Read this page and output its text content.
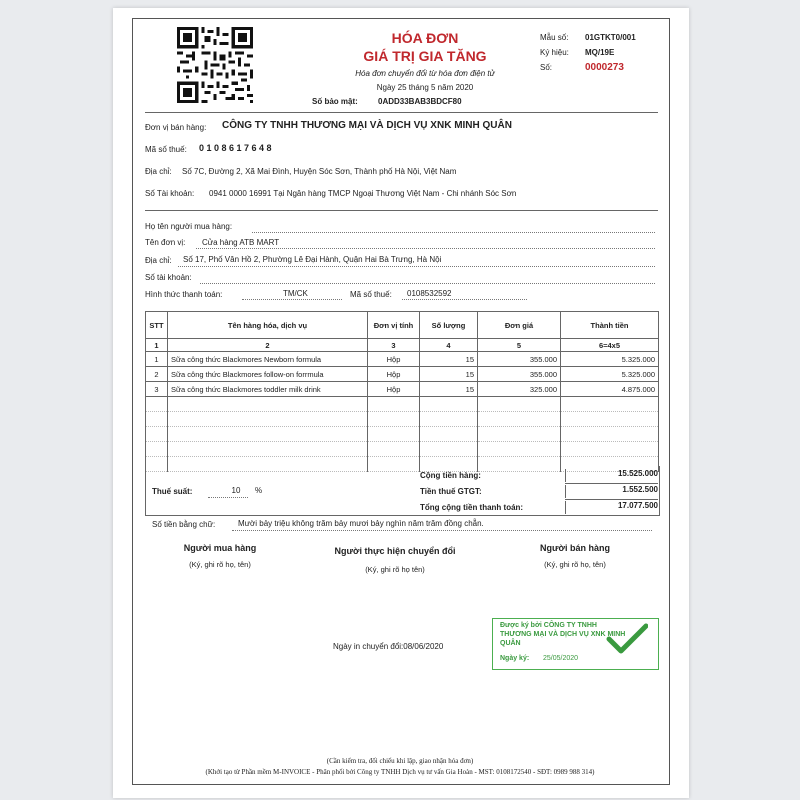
HÓA ĐƠN
GIÁ TRỊ GIA TĂNG
Hóa đơn chuyển đổi từ hóa đơn điện tử
Ngày 25 tháng 5 năm 2020
Số bảo mật:	0ADD33BAB3BDCF80
Mẫu số: 01GTKT0/001
Ký hiệu: MQ/19E
Số:	0000273
Đơn vị bán hàng: CÔNG TY TNHH THƯƠNG MẠI VÀ DỊCH VỤ XNK MINH QUÂN
Mã số thuế: 0 1 0 8 6 1 7 6 4 8
Địa chỉ: Số 7C, Đường 2, Xã Mai Đình, Huyện Sóc Sơn, Thành phố Hà Nội, Việt Nam
Số Tài khoản: 0941 0000 16991 Tại Ngân hàng TMCP Ngoại Thương Việt Nam - Chi nhánh Sóc Sơn
Họ tên người mua hàng:
Tên đơn vị: Cửa hàng ATB MART
Địa chỉ: Số 17, Phố Vân Hồ 2, Phường Lê Đại Hành, Quận Hai Bà Trưng, Hà Nội
Số tài khoản:
Hình thức thanh toán:	TM/CK	Mã số thuế: 0108532592
STT	Tên hàng hóa, dịch vụ	Đơn vị tính	Số lượng	Đơn giá	Thành tiền
1	2	3	4	5	6=4x5
1	Sữa công thức Blackmores Newborn formula	Hộp	15	355.000	5.325.000
2	Sữa công thức Blackmores follow-on forrmula	Hộp	15	355.000	5.325.000
3	Sữa công thức Blackmores toddler milk drink	Hộp	15	325.000	4.875.000

Cộng tiền hàng:	15.525.000
Tiền thuế GTGT:	1.552.500
Tổng cộng tiền thanh toán:	17.077.500
Thuế suất:	10	%
Số tiền bằng chữ:	Mười bảy triệu không trăm bảy mươi bảy nghìn năm trăm đồng chẵn.
Người mua hàng
(Ký, ghi rõ họ, tên)
Người thực hiện chuyển đổi
(Ký, ghi rõ họ tên)
Người bán hàng
(Ký, ghi rõ họ, tên)
Ngày in chuyển đổi:08/06/2020
Được ký bởi CÔNG TY TNHH
THƯƠNG MẠI VÀ DỊCH VỤ XNK MINH
QUÂN
Ngày ký: 25/05/2020
(Cần kiểm tra, đối chiếu khi lập, giao nhận hóa đơn)
(Khởi tạo từ Phần mềm M-INVOICE - Phân phối bởi Công ty TNHH Dịch vụ tư vấn Gia Hoàn - MST: 0108172540 - SĐT: 0989 988 314)
